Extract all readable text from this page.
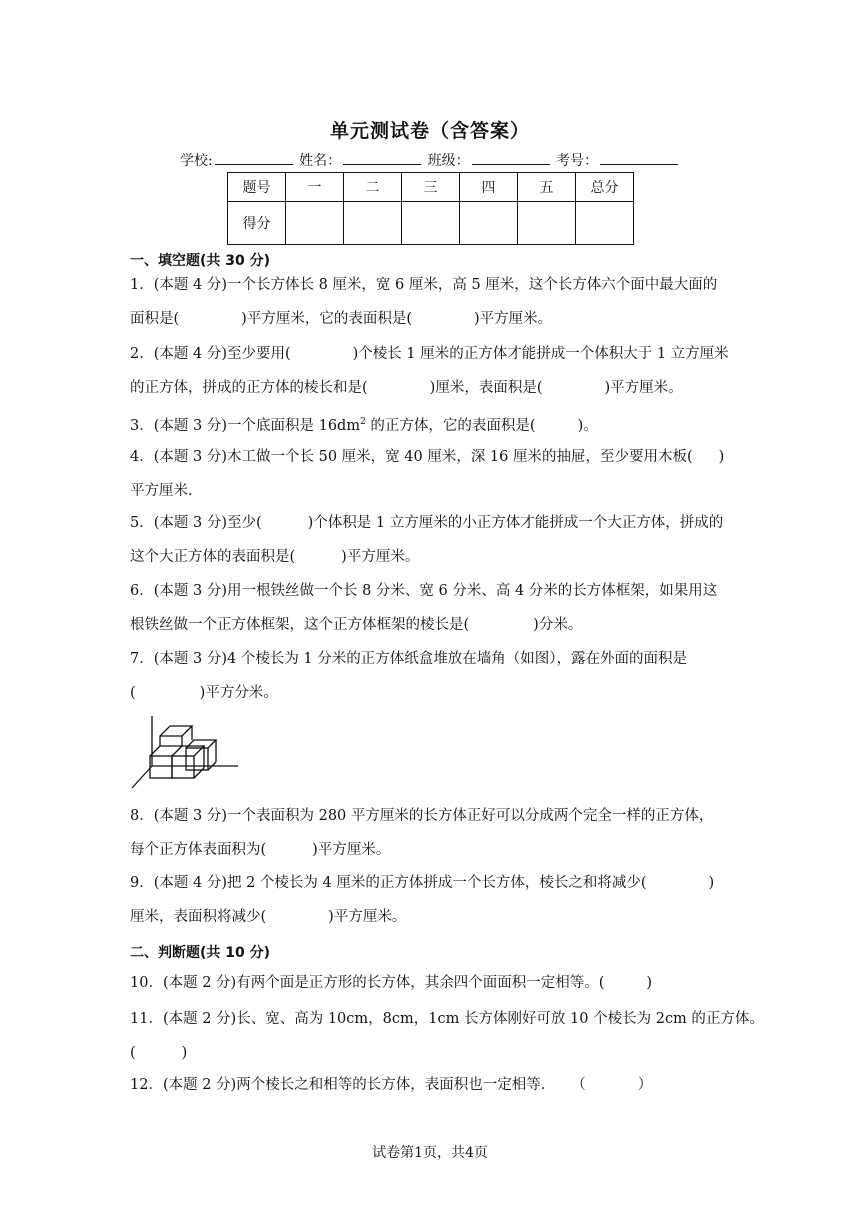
单元测试卷（含答案）
学校:	姓名：	班级：	考号：
题号	一	二	三	四	五	总分
得分						
一、填空题(共 30 分)
1．(本题 4 分)一个长方体长 8 厘米，宽 6 厘米，高 5 厘米，这个长方体六个面中最大面的
面积是(	)平方厘米，它的表面积是(	)平方厘米。
2．(本题 4 分)至少要用(	)个棱长 1 厘米的正方体才能拼成一个体积大于 1 立方厘米
的正方体，拼成的正方体的棱长和是(	)厘米，表面积是(	)平方厘米。
3．(本题 3 分)一个底面积是 $16dm^2$ 的正方体，它的表面积是(	)。
4．(本题 3 分)木工做一个长 50 厘米，宽 40 厘米，深 16 厘米的抽屉，至少要用木板( )
平方厘米.
5．(本题 3 分)至少(	)个体积是 1 立方厘米的小正方体才能拼成一个大正方体，拼成的
这个大正方体的表面积是(	)平方厘米。
6．(本题 3 分)用一根铁丝做一个长 8 分米、宽 6 分米、高 4 分米的长方体框架，如果用这
根铁丝做一个正方体框架，这个正方体框架的棱长是(	)分米。
7．(本题 3 分)4 个棱长为 1 分米的正方体纸盒堆放在墙角（如图），露在外面的面积是
(	)平方分米。
8．(本题 3 分)一个表面积为 280 平方厘米的长方体正好可以分成两个完全一样的正方体，
每个正方体表面积为(	)平方厘米。
9．(本题 4 分)把 2 个棱长为 4 厘米的正方体拼成一个长方体，棱长之和将减少(	)
厘米，表面积将减少(	)平方厘米。
二、判断题(共 10 分)
10．(本题 2 分)有两个面是正方形的长方体，其余四个面面积一定相等。(	)
11．(本题 2 分)长、宽、高为 10cm，8cm，1cm 长方体刚好可放 10 个棱长为 2cm 的正方体。
(	)
12．(本题 2 分)两个棱长之和相等的长方体，表面积也一定相等． （	）
试卷第1页，共4页
